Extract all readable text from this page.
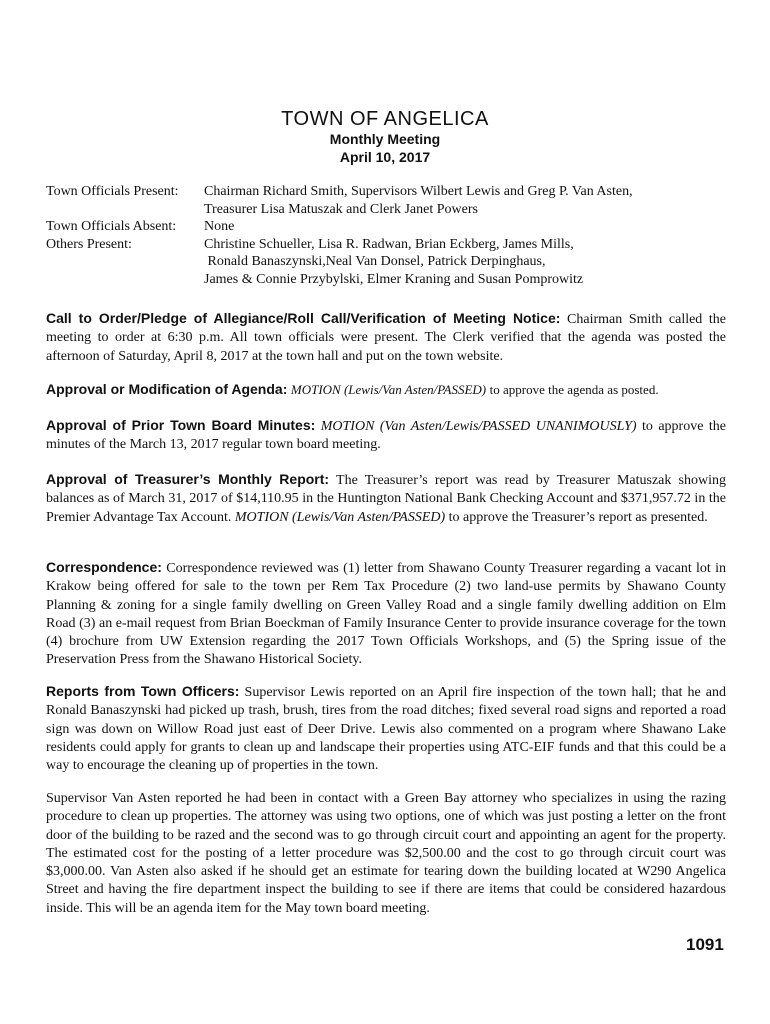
TOWN OF ANGELICA
Monthly Meeting
April 10, 2017
Town Officials Present:	Chairman Richard Smith, Supervisors Wilbert Lewis and Greg P. Van Asten,
Treasurer Lisa Matuszak and Clerk Janet Powers
Town Officials Absent:	None
Others Present:	Christine Schueller, Lisa R. Radwan, Brian Eckberg, James Mills,
Ronald Banaszynski,Neal Van Donsel, Patrick Derpinghaus,
James & Connie Przybylski, Elmer Kraning and Susan Pomprowitz
Call to Order/Pledge of Allegiance/Roll Call/Verification of Meeting Notice: Chairman Smith called the meeting to order at 6:30 p.m. All town officials were present. The Clerk verified that the agenda was posted the afternoon of Saturday, April 8, 2017 at the town hall and put on the town website.
Approval or Modification of Agenda: MOTION (Lewis/Van Asten/PASSED) to approve the agenda as posted.
Approval of Prior Town Board Minutes: MOTION (Van Asten/Lewis/PASSED UNANIMOUSLY) to approve the minutes of the March 13, 2017 regular town board meeting.
Approval of Treasurer’s Monthly Report: The Treasurer’s report was read by Treasurer Matuszak showing balances as of March 31, 2017 of $14,110.95 in the Huntington National Bank Checking Account and $371,957.72 in the Premier Advantage Tax Account. MOTION (Lewis/Van Asten/PASSED) to approve the Treasurer’s report as presented.
Correspondence: Correspondence reviewed was (1) letter from Shawano County Treasurer regarding a vacant lot in Krakow being offered for sale to the town per Rem Tax Procedure (2) two land-use permits by Shawano County Planning & zoning for a single family dwelling on Green Valley Road and a single family dwelling addition on Elm Road (3) an e-mail request from Brian Boeckman of Family Insurance Center to provide insurance coverage for the town (4) brochure from UW Extension regarding the 2017 Town Officials Workshops, and (5) the Spring issue of the Preservation Press from the Shawano Historical Society.
Reports from Town Officers: Supervisor Lewis reported on an April fire inspection of the town hall; that he and Ronald Banaszynski had picked up trash, brush, tires from the road ditches; fixed several road signs and reported a road sign was down on Willow Road just east of Deer Drive. Lewis also commented on a program where Shawano Lake residents could apply for grants to clean up and landscape their properties using ATC-EIF funds and that this could be a way to encourage the cleaning up of properties in the town.
Supervisor Van Asten reported he had been in contact with a Green Bay attorney who specializes in using the razing procedure to clean up properties. The attorney was using two options, one of which was just posting a letter on the front door of the building to be razed and the second was to go through circuit court and appointing an agent for the property. The estimated cost for the posting of a letter procedure was $2,500.00 and the cost to go through circuit court was $3,000.00. Van Asten also asked if he should get an estimate for tearing down the building located at W290 Angelica Street and having the fire department inspect the building to see if there are items that could be considered hazardous inside. This will be an agenda item for the May town board meeting.
1091
